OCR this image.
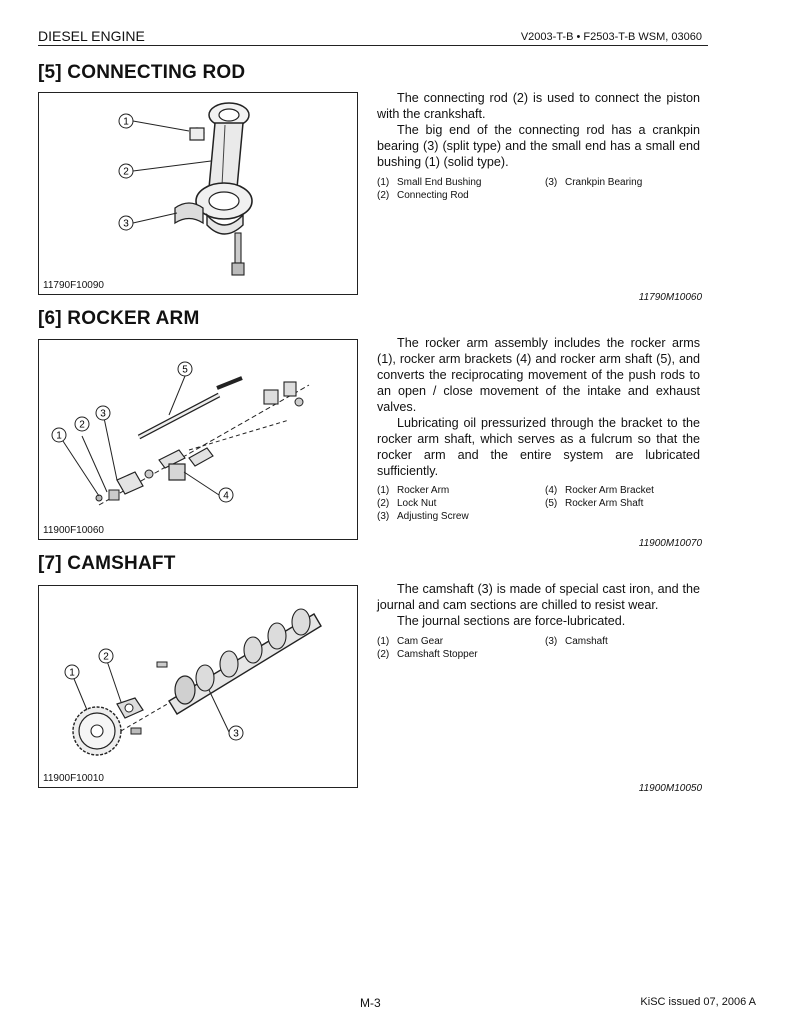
DIESEL ENGINE	V2003-T-B • F2503-T-B WSM, 03060
[5] CONNECTING ROD
1
2
3
11790F10090

The connecting rod (2) is used to connect the piston with the crankshaft.

The big end of the connecting rod has a crankpin bearing (3) (split type) and the small end has a small end bushing (1) (solid type).

(1) Small End Bushing	(3) Crankpin Bearing
(2) Connecting Rod
11790M10060
[6] ROCKER ARM
1
2
3
4
5
11900F10060

The rocker arm assembly includes the rocker arms (1), rocker arm brackets (4) and rocker arm shaft (5), and converts the reciprocating movement of the push rods to an open / close movement of the intake and exhaust valves.

Lubricating oil pressurized through the bracket to the rocker arm shaft, which serves as a fulcrum so that the rocker arm and the entire system are lubricated sufficiently.

(1) Rocker Arm	(4) Rocker Arm Bracket
(2) Lock Nut	(5) Rocker Arm Shaft
(3) Adjusting Screw
11900M10070
[7] CAMSHAFT
1
2
3
11900F10010

The camshaft (3) is made of special cast iron, and the journal and cam sections are chilled to resist wear.

The journal sections are force-lubricated.

(1) Cam Gear	(3) Camshaft
(2) Camshaft Stopper
11900M10050
M-3	KiSC issued 07, 2006 A
